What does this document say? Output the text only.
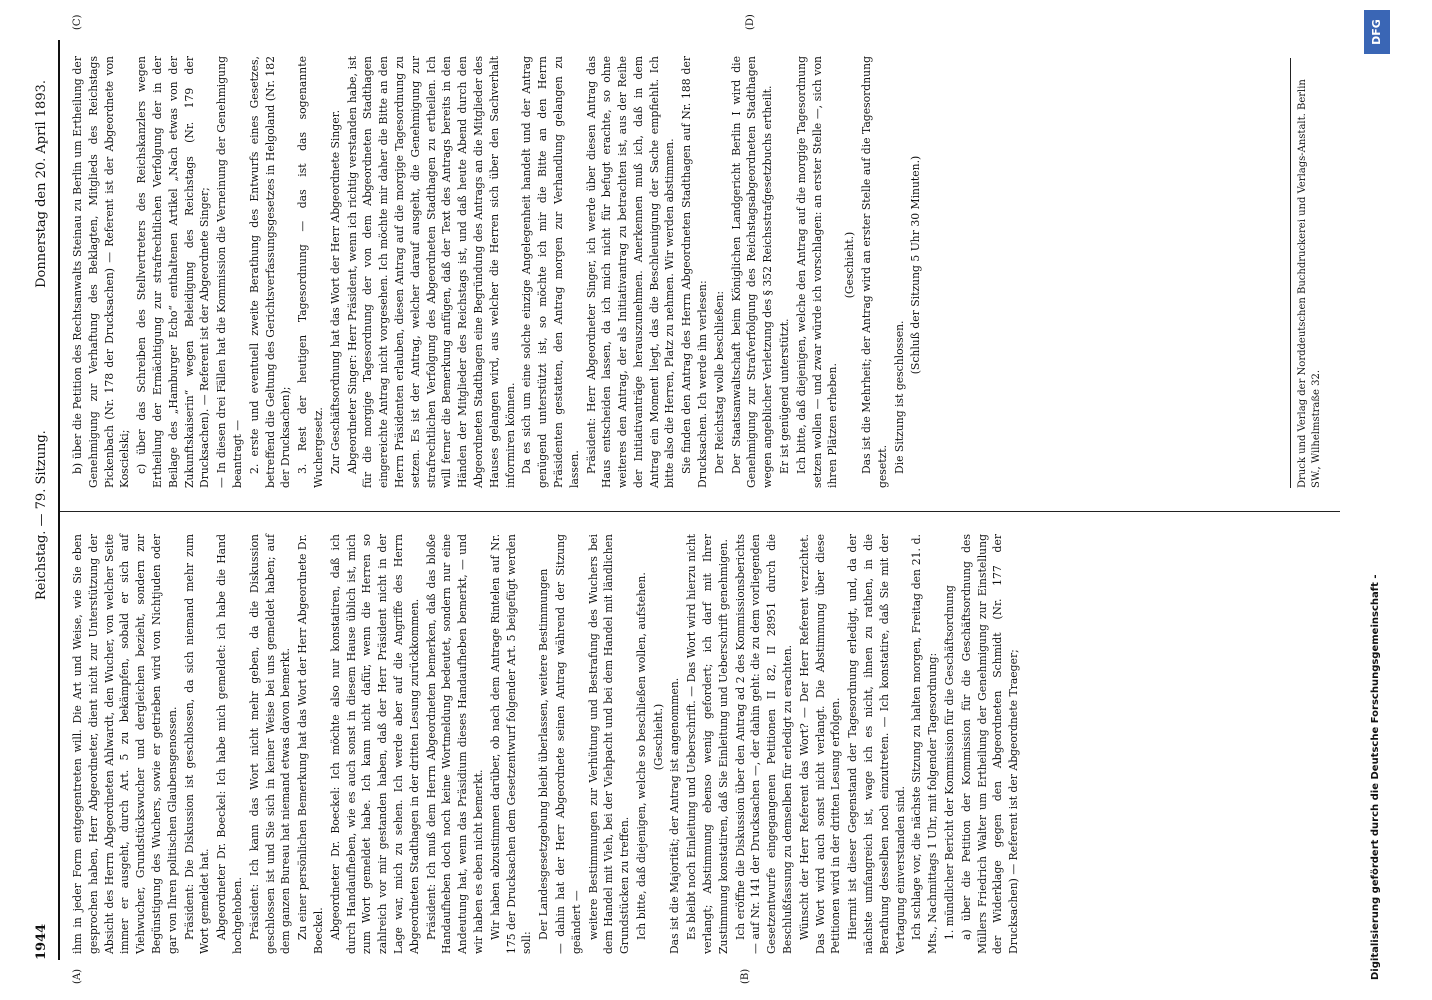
1944
Reichstag. — 79. Sitzung.
Donnerstag den 20. April 1893.
(A)	(B)
(C)	(D)

ihm in jeder Form entgegentreten will. Die Art und Weise, wie Sie eben gesprochen haben, Herr Abgeordneter, dient nicht zur Unterstützung der Absicht des Herrn Abgeordneten Ahlwardt, den Wucher, von welcher Seite immer er ausgeht, durch Art. 5 zu bekämpfen, sobald er sich auf Viehwucher, Grundstückswucher und dergleichen bezieht, sondern zur Begünstigung des Wuchers, sowie er getrieben wird von Nichtjuden oder gar von Ihren politischen Glaubensgenossen. Präsident: Die Diskussion ist geschlossen, da sich niemand mehr zum Wort gemeldet hat. Abgeordneter Dr. Boeckel: Ich habe mich gemeldet: ich habe die Hand hochgehoben. Präsident: Ich kann das Wort nicht mehr geben, da die Diskussion geschlossen ist und Sie sich in keiner Weise bei uns gemeldet haben; auf dem ganzen Bureau hat niemand etwas davon bemerkt. Zu einer persönlichen Bemerkung hat das Wort der Herr Abgeordnete Dr. Boeckel. Abgeordneter Dr. Boeckel: Ich möchte also nur konstatiren, daß ich durch Handaufheben, wie es auch sonst in diesem Hause üblich ist, mich zum Wort gemeldet habe. Ich kann nicht dafür, wenn die Herren so zahlreich vor mir gestanden haben, daß der Herr Präsident nicht in der Lage war, mich zu sehen. Ich werde aber auf die Angriffe des Herrn Abgeordneten Stadthagen in der dritten Lesung zurückkommen. Präsident: Ich muß dem Herrn Abgeordneten bemerken, daß das bloße Handaufheben doch noch keine Wortmeldung bedeutet, sondern nur eine Andeutung hat, wenn das Präsidium dieses Handaufheben bemerkt, — und wir haben es eben nicht bemerkt. Wir haben abzustimmen darüber, ob nach dem Antrage Rintelen auf Nr. 175 der Drucksachen dem Gesetzentwurf folgender Art. 5 beigefügt werden soll:

Der Landesgesetzgebung bleibt überlassen, weitere Bestimmungen — dahin hat der Herr Abgeordnete seinen Antrag während der Sitzung geändert — weitere Bestimmungen zur Verhütung und Bestrafung des Wuchers bei dem Handel mit Vieh, bei der Viehpacht und bei dem Handel mit ländlichen Grundstücken zu treffen. Ich bitte, daß diejenigen, welche so beschließen wollen, aufstehen. (Geschieht.) Das ist die Majorität; der Antrag ist angenommen. Es bleibt noch Einleitung und Ueberschrift. — Das Wort wird hierzu nicht verlangt; Abstimmung ebenso wenig gefordert; ich darf mit Ihrer Zustimmung konstatiren, daß Sie Einleitung und Ueberschrift genehmigen. Ich eröffne die Diskussion über den Antrag ad 2 des Kommissionsberichts — auf Nr. 141 der Drucksachen —, der dahin geht: die zu dem vorliegenden Gesetzentwurfe eingegangenen Petitionen II 82, II 28951 durch die Beschlußfassung zu demselben für erledigt zu erachten. Wünscht der Herr Referent das Wort? — Der Herr Referent verzichtet. Das Wort wird auch sonst nicht verlangt. Die Abstimmung über diese Petitionen wird in der dritten Lesung erfolgen. Hiermit ist dieser Gegenstand der Tagesordnung erledigt, und, da der nächste umfangreich ist, wage ich es nicht, ihnen zu rathen, in die Berathung desselben noch einzutreten. — Ich konstatire, daß Sie mit der Vertagung einverstanden sind. Ich schlage vor, die nächste Sitzung zu halten morgen, Freitag den 21. d. Mts., Nachmittags 1 Uhr, mit folgender Tagesordnung: 1. mündlicher Bericht der Kommission für die Geschäftsordnung a) über die Petition der Kommission für die Geschäftsordnung des Müllers Friedrich Walter um Ertheilung der Genehmigung zur Einstellung der Widerklage gegen den Abgeordneten Schmidt (Nr. 177 der Drucksachen) — Referent ist der Abgeordnete Traeger;

b) über die Petition des Rechtsanwalts Steinau zu Berlin um Ertheilung der Genehmigung zur Verhaftung des Beklagten, Mitglieds des Reichstags Pickenbach (Nr. 178 der Drucksachen) — Referent ist der Abgeordnete von Koscielski; c) über das Schreiben des Stellvertreters des Reichskanzlers wegen Ertheilung der Ermächtigung zur strafrechtlichen Verfolgung der in der Beilage des „Hamburger Echo“ enthaltenen Artikel „Nach etwas von der Zukunftskaiserin“ wegen Beleidigung des Reichstags (Nr. 179 der Drucksachen). — Referent ist der Abgeordnete Singer; — In diesen drei Fällen hat die Kommission die Verneinung der Genehmigung beantragt — 2. erste und eventuell zweite Berathung des Entwurfs eines Gesetzes, betreffend die Geltung des Gerichtsverfassungsgesetzes in Helgoland (Nr. 182 der Drucksachen); 3. Rest der heutigen Tagesordnung — das ist das sogenannte Wuchergesetz. Zur Geschäftsordnung hat das Wort der Herr Abgeordnete Singer. Abgeordneter Singer: Herr Präsident, wenn ich richtig verstanden habe, ist für die morgige Tagesordnung der von dem Abgeordneten Stadthagen eingereichte Antrag nicht vorgesehen. Ich möchte mir daher die Bitte an den Herrn Präsidenten erlauben, diesen Antrag auf die morgige Tagesordnung zu setzen. Es ist der Antrag, welcher darauf ausgeht, die Genehmigung zur strafrechtlichen Verfolgung des Abgeordneten Stadthagen zu ertheilen. Ich will ferner die Bemerkung anfügen, daß der Text des Antrags bereits in den Händen der Mitglieder des Reichstags ist, und daß heute Abend durch den Abgeordneten Stadthagen eine Begründung des Antrags an die Mitglieder des Hauses gelangen wird, aus welcher die Herren sich über den Sachverhalt informiren können. Da es sich um eine solche einzige Angelegenheit handelt und der Antrag genügend unterstützt ist, so möchte ich mir die Bitte an den Herrn Präsidenten gestatten, den Antrag morgen zur Verhandlung gelangen zu lassen. Präsident: Herr Abgeordneter Singer, ich werde über diesen Antrag das Haus entscheiden lassen, da ich mich nicht für befugt erachte, so ohne weiteres den Antrag, der als Initiativantrag zu betrachten ist, aus der Reihe der Initiativanträge herauszunehmen. Anerkennen muß ich, daß in dem Antrag ein Moment liegt, das die Beschleunigung der Sache empfiehlt. Ich bitte also die Herren, Platz zu nehmen. Wir werden abstimmen. Sie finden den Antrag des Herrn Abgeordneten Stadthagen auf Nr. 188 der Drucksachen. Ich werde ihn verlesen: Der Reichstag wolle beschließen: Der Staatsanwaltschaft beim Königlichen Landgericht Berlin I wird die Genehmigung zur Strafverfolgung des Reichstagsabgeordneten Stadthagen wegen angeblicher Verletzung des § 352 Reichsstrafgesetzbuchs ertheilt. Er ist genügend unterstützt. Ich bitte, daß diejenigen, welche den Antrag auf die morgige Tagesordnung setzen wollen — und zwar würde ich vorschlagen: an erster Stelle —, sich von ihren Plätzen erheben.

(Geschieht.) Das ist die Mehrheit; der Antrag wird an erster Stelle auf die Tagesordnung gesetzt. Die Sitzung ist geschlossen.

(Schluß der Sitzung 5 Uhr 30 Minuten.)	Druck und Verlag der Norddeutschen Buchdruckerei und Verlags-Anstalt. Berlin SW., Wilhelmstraße 32.
Digitalisierung gefördert durch die Deutsche Forschungsgemeinschaft -
DFG
